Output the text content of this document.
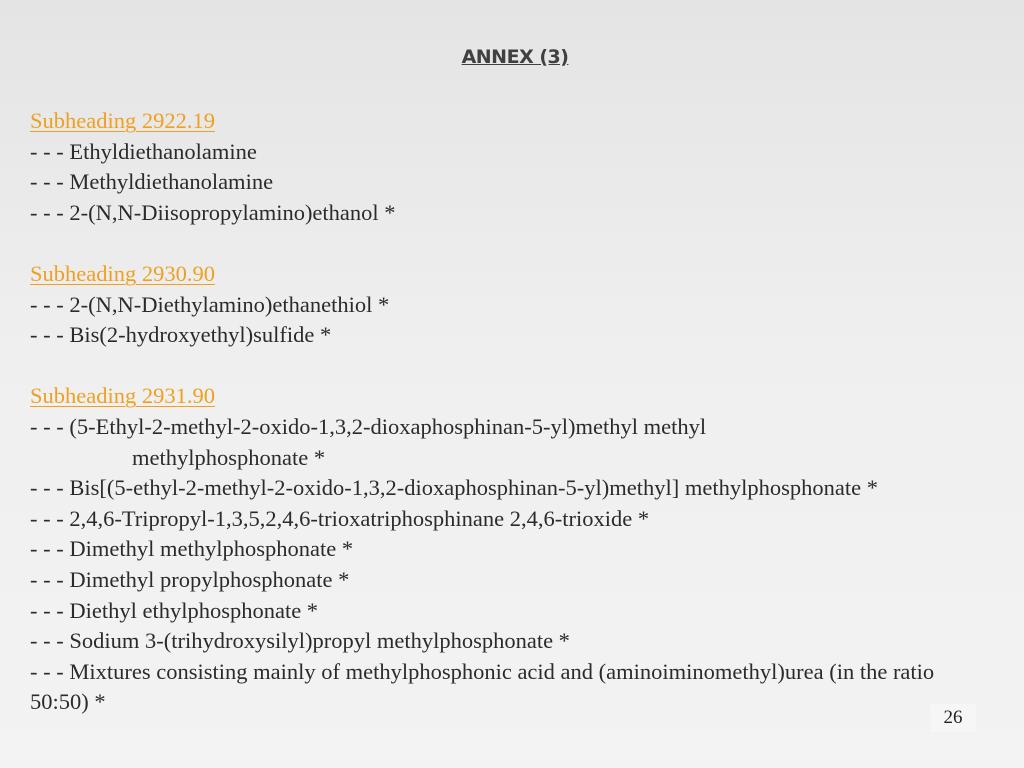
ANNEX (3)
Subheading 2922.19
- - - Ethyldiethanolamine
- - - Methyldiethanolamine
- - - 2-(N,N-Diisopropylamino)ethanol *
Subheading 2930.90
- - - 2-(N,N-Diethylamino)ethanethiol *
- - - Bis(2-hydroxyethyl)sulfide *
Subheading 2931.90
- - - (5-Ethyl-2-methyl-2-oxido-1,3,2-dioxaphosphinan-5-yl)methyl methyl
methylphosphonate *
- - - Bis[(5-ethyl-2-methyl-2-oxido-1,3,2-dioxaphosphinan-5-yl)methyl] methylphosphonate *
- - - 2,4,6-Tripropyl-1,3,5,2,4,6-trioxatriphosphinane 2,4,6-trioxide *
- - - Dimethyl methylphosphonate *
- - - Dimethyl propylphosphonate *
- - - Diethyl ethylphosphonate *
- - - Sodium 3-(trihydroxysilyl)propyl methylphosphonate *
- - - Mixtures consisting mainly of methylphosphonic acid and (aminoiminomethyl)urea (in the ratio 50:50) *
26
